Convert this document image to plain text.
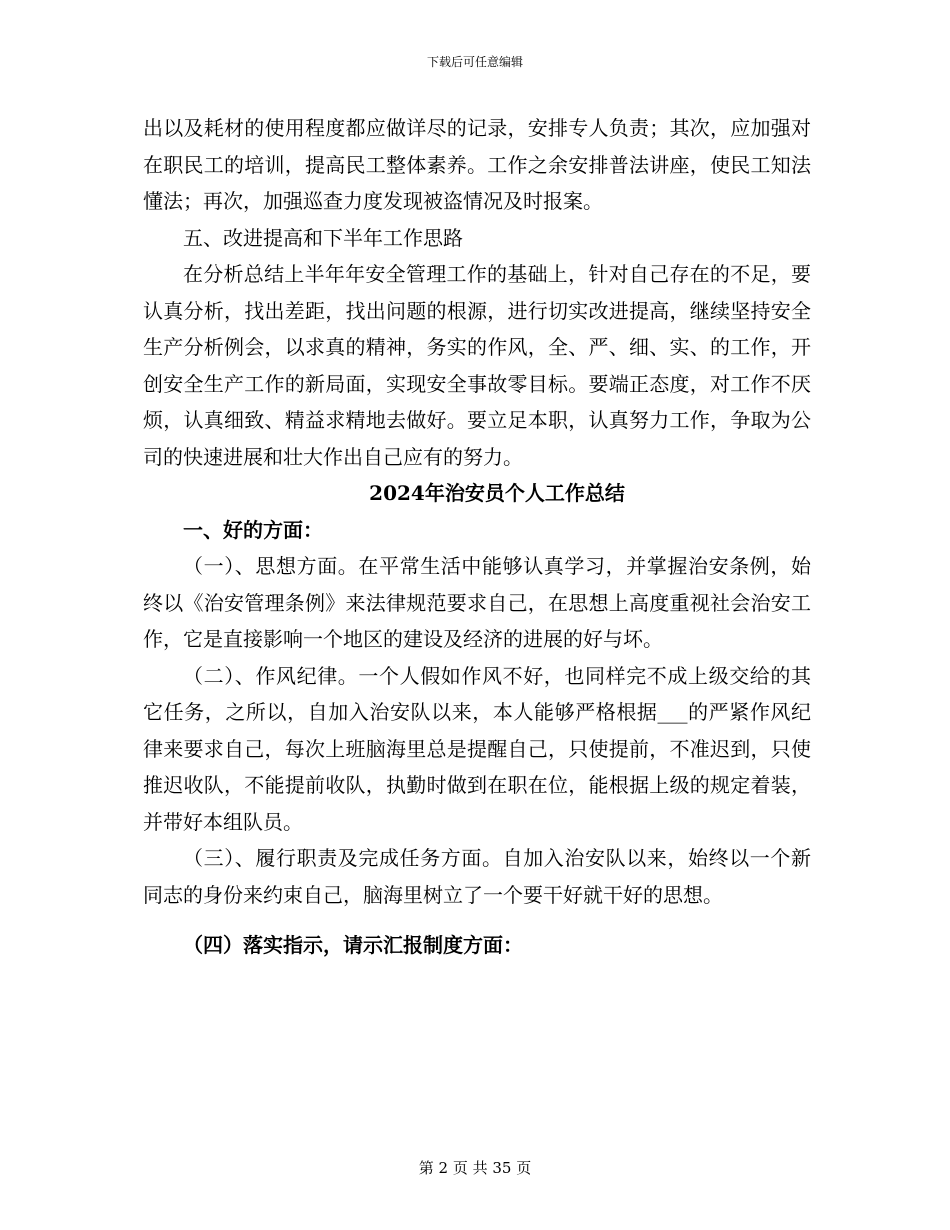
下载后可任意编辑

出以及耗材的使用程度都应做详尽的记录，安排专人负责；其次，应加强对在职民工的培训，提高民工整体素养。工作之余安排普法讲座，使民工知法懂法；再次，加强巡查力度发现被盗情况及时报案。

五、改进提高和下半年工作思路

在分析总结上半年年安全管理工作的基础上，针对自己存在的不足，要认真分析，找出差距，找出问题的根源，进行切实改进提高，继续坚持安全生产分析例会，以求真的精神，务实的作风，全、严、细、实、的工作，开创安全生产工作的新局面，实现安全事故零目标。要端正态度，对工作不厌烦，认真细致、精益求精地去做好。要立足本职，认真努力工作，争取为公司的快速进展和壮大作出自己应有的努力。

2024年治安员个人工作总结

一、好的方面：

（一）、思想方面。在平常生活中能够认真学习，并掌握治安条例，始终以《治安管理条例》来法律规范要求自己，在思想上高度重视社会治安工作，它是直接影响一个地区的建设及经济的进展的好与坏。

（二）、作风纪律。一个人假如作风不好，也同样完不成上级交给的其它任务，之所以，自加入治安队以来，本人能够严格根据___的严紧作风纪律来要求自己，每次上班脑海里总是提醒自己，只使提前，不准迟到，只使推迟收队，不能提前收队，执勤时做到在职在位，能根据上级的规定着装，并带好本组队员。

（三）、履行职责及完成任务方面。自加入治安队以来，始终以一个新同志的身份来约束自己，脑海里树立了一个要干好就干好的思想。

（四）落实指示，请示汇报制度方面：

第 2 页 共 35 页
